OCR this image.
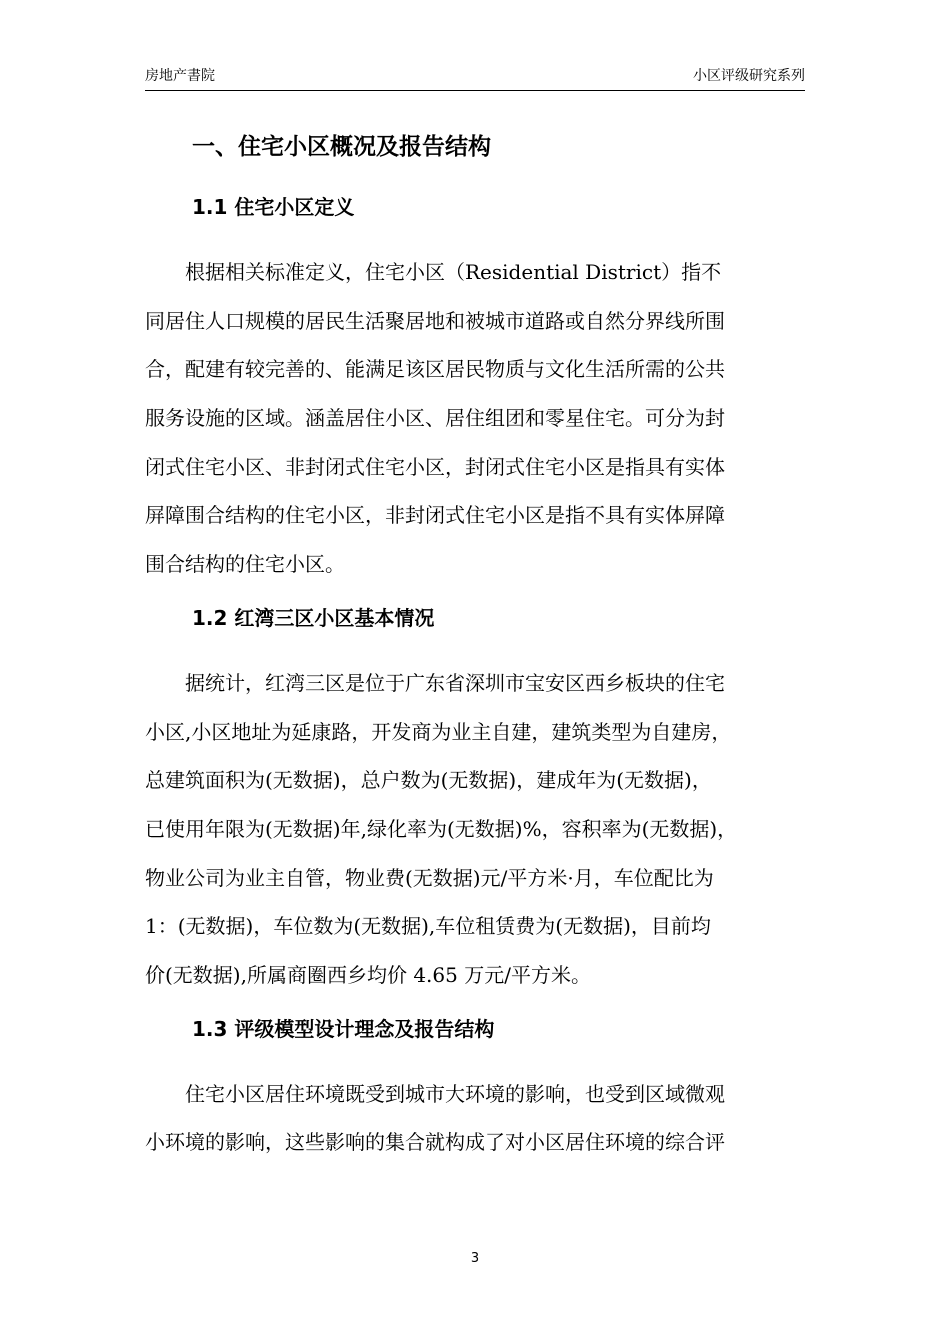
房地产書院	小区评级研究系列
一、住宅小区概况及报告结构
1.1 住宅小区定义
　　根据相关标准定义，住宅小区（Residential District）指不
同居住人口规模的居民生活聚居地和被城市道路或自然分界线所围
合，配建有较完善的、能满足该区居民物质与文化生活所需的公共
服务设施的区域。涵盖居住小区、居住组团和零星住宅。可分为封
闭式住宅小区、非封闭式住宅小区，封闭式住宅小区是指具有实体
屏障围合结构的住宅小区，非封闭式住宅小区是指不具有实体屏障
围合结构的住宅小区。
1.2 红湾三区小区基本情况
　　据统计，红湾三区是位于广东省深圳市宝安区西乡板块的住宅
小区,小区地址为延康路，开发商为业主自建，建筑类型为自建房，
总建筑面积为(无数据)，总户数为(无数据)，建成年为(无数据)，
已使用年限为(无数据)年,绿化率为(无数据)%，容积率为(无数据)，
物业公司为业主自管，物业费(无数据)元/平方米·月，车位配比为
1：(无数据)，车位数为(无数据),车位租赁费为(无数据)，目前均
价(无数据),所属商圈西乡均价 4.65 万元/平方米。
1.3 评级模型设计理念及报告结构
　　住宅小区居住环境既受到城市大环境的影响，也受到区域微观
小环境的影响，这些影响的集合就构成了对小区居住环境的综合评
3
